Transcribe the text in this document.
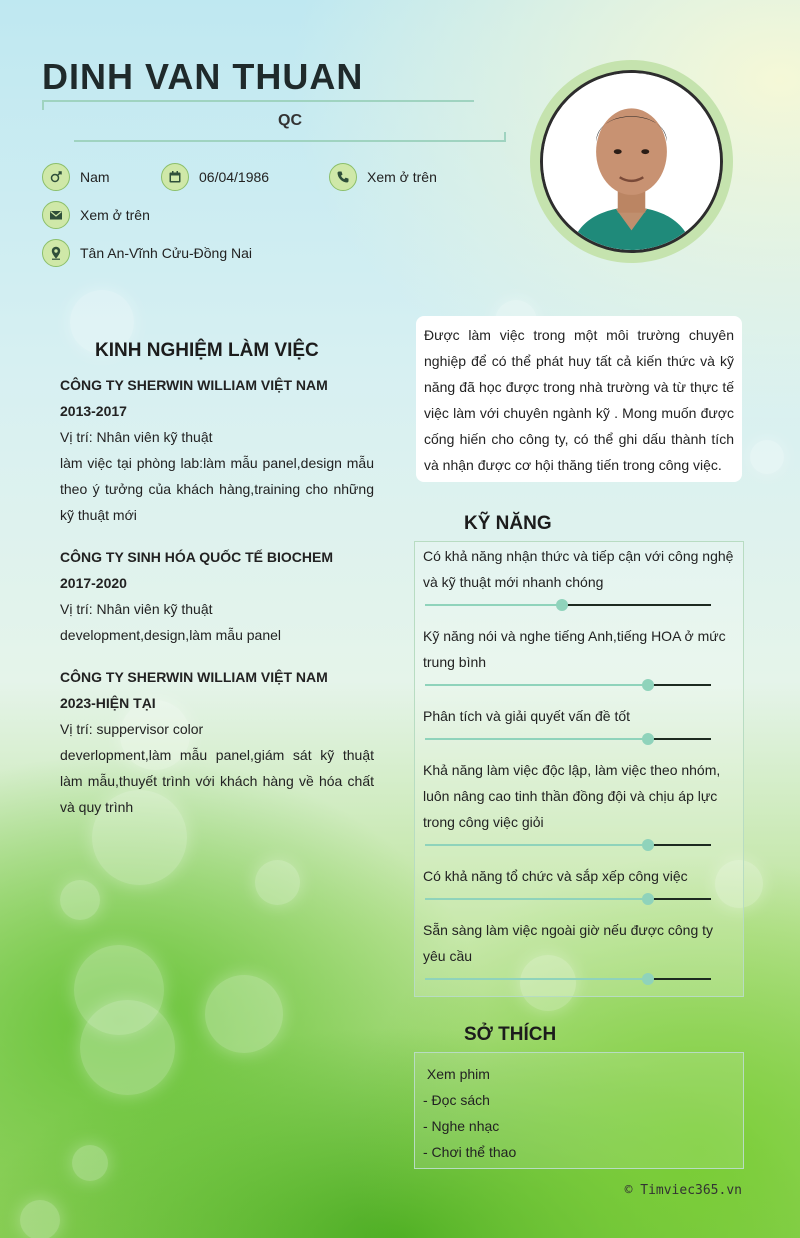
DINH VAN THUAN
QC
Nam	06/04/1986	Xem ở trên
Xem ở trên
Tân An-Vĩnh Cửu-Đồng Nai
KINH NGHIỆM LÀM VIỆC
CÔNG TY SHERWIN WILLIAM VIỆT NAM
2013-2017
Vị trí: Nhân viên kỹ thuật
làm việc tại phòng lab:làm mẫu panel,design mẫu theo ý tưởng của khách hàng,training cho những kỹ thuật mới
CÔNG TY SINH HÓA QUỐC TẾ BIOCHEM
2017-2020
Vị trí: Nhân viên kỹ thuật
development,design,làm mẫu panel
CÔNG TY SHERWIN WILLIAM VIỆT NAM
2023-HIỆN TẠI
Vị trí: suppervisor color
deverlopment,làm mẫu panel,giám sát kỹ thuật làm mẫu,thuyết trình với khách hàng về hóa chất và quy trình
Được làm việc trong một môi trường chuyên nghiệp để có thể phát huy tất cả kiến thức và kỹ năng đã học được trong nhà trường và từ thực tế việc làm với chuyên ngành kỹ . Mong muốn được cống hiến cho công ty, có thể ghi dấu thành tích và nhận được cơ hội thăng tiến trong công việc.
KỸ NĂNG
Có khả năng nhận thức và tiếp cận với công nghệ và kỹ thuật mới nhanh chóng
Kỹ năng nói và nghe tiếng Anh,tiếng HOA ở mức trung bình
Phân tích và giải quyết vấn đề tốt
Khả năng làm việc độc lập, làm việc theo nhóm, luôn nâng cao tinh thần đồng đội và chịu áp lực trong công việc giỏi
Có khả năng tổ chức và sắp xếp công việc
Sẵn sàng làm việc ngoài giờ nếu được công ty yêu cầu
SỞ THÍCH
Xem phim
- Đọc sách
- Nghe nhạc
- Chơi thể thao
© Timviec365.vn
